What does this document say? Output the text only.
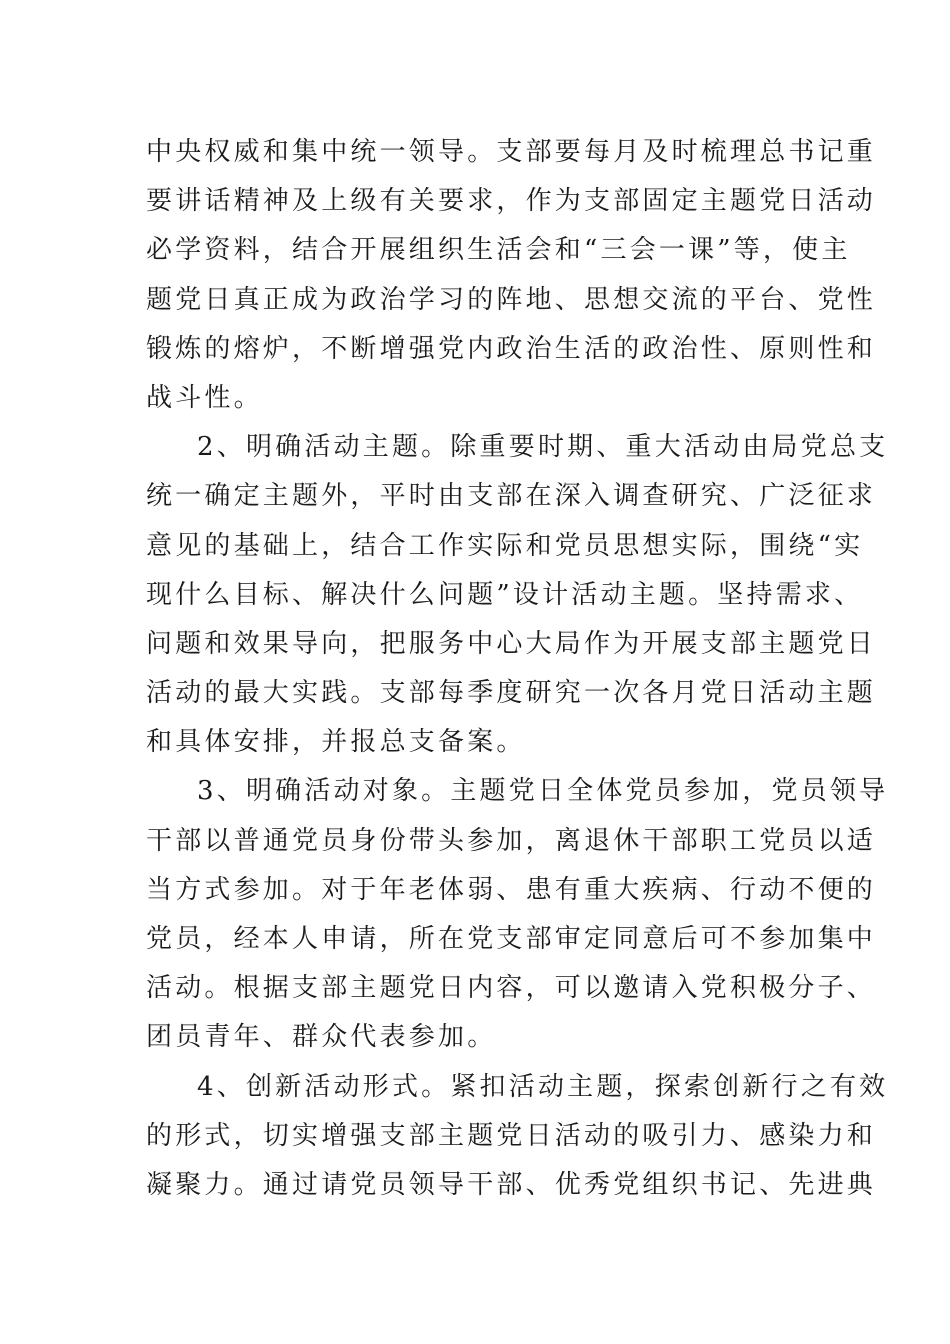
中央权威和集中统一领导。支部要每月及时梳理总书记重
要讲话精神及上级有关要求，作为支部固定主题党日活动
必学资料，结合开展组织生活会和“三会一课”等，使主
题党日真正成为政治学习的阵地、思想交流的平台、党性
锻炼的熔炉，不断增强党内政治生活的政治性、原则性和
战斗性。
2、明确活动主题。除重要时期、重大活动由局党总支
统一确定主题外，平时由支部在深入调查研究、广泛征求
意见的基础上，结合工作实际和党员思想实际，围绕“实
现什么目标、解决什么问题”设计活动主题。坚持需求、
问题和效果导向，把服务中心大局作为开展支部主题党日
活动的最大实践。支部每季度研究一次各月党日活动主题
和具体安排，并报总支备案。
3、明确活动对象。主题党日全体党员参加，党员领导
干部以普通党员身份带头参加，离退休干部职工党员以适
当方式参加。对于年老体弱、患有重大疾病、行动不便的
党员，经本人申请，所在党支部审定同意后可不参加集中
活动。根据支部主题党日内容，可以邀请入党积极分子、
团员青年、群众代表参加。
4、创新活动形式。紧扣活动主题，探索创新行之有效
的形式，切实增强支部主题党日活动的吸引力、感染力和
凝聚力。通过请党员领导干部、优秀党组织书记、先进典
